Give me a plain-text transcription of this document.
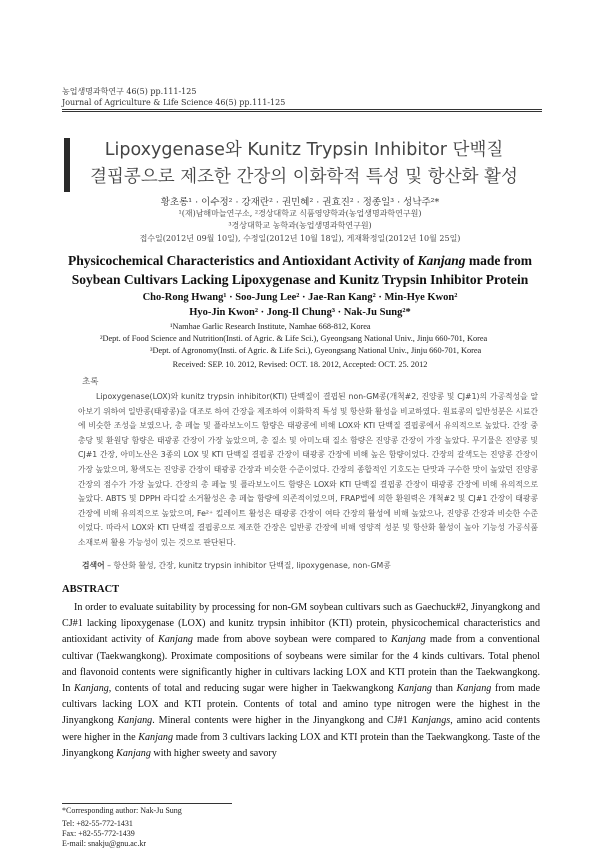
농업생명과학연구 46(5) pp.111-125
Journal of Agriculture & Life Science 46(5) pp.111-125
Lipoxygenase와 Kunitz Trypsin Inhibitor 단백질
결핍콩으로 제조한 간장의 이화학적 특성 및 항산화 활성
황초롱¹ · 이수정² · 강재란² · 권민혜² · 권효진² · 정종일³ · 성낙주²*
¹(재)남해마늘연구소, ²경상대학교 식품영양학과(농업생명과학연구원)
³경상대학교 농학과(농업생명과학연구원)
접수일(2012년 09월 10일), 수정일(2012년 10월 18일), 게재확정일(2012년 10월 25일)
Physicochemical Characteristics and Antioxidant Activity of Kanjang made from
Soybean Cultivars Lacking Lipoxygenase and Kunitz Trypsin Inhibitor Protein
Cho-Rong Hwang¹ · Soo-Jung Lee² · Jae-Ran Kang² · Min-Hye Kwon²
Hyo-Jin Kwon² · Jong-Il Chung³ · Nak-Ju Sung²*
¹Namhae Garlic Research Institute, Namhae 668-812, Korea
²Dept. of Food Science and Nutrition(Insti. of Agric. & Life Sci.), Gyeongsang National Univ., Jinju 660-701, Korea
³Dept. of Agronomy(Insti. of Agric. & Life Sci.), Gyeongsang National Univ., Jinju 660-701, Korea
Received: SEP. 10. 2012, Revised: OCT. 18. 2012, Accepted: OCT. 25. 2012
초록
Lipoxygenase(LOX)와 kunitz trypsin inhibitor(KTI) 단백질이 결핍된 non-GM콩(개척#2, 진양콩 및 CJ#1)의 가공적성을 알아보기 위하여 일반콩(태광콩)을 대조로 하여 간장을 제조하여 이화학적 특성 및 항산화 활성을 비교하였다. 원료콩의 일반성분은 시료간에 비슷한 조성을 보였으나, 총 페놀 및 플라보노이드 함량은 태광콩에 비해 LOX와 KTI 단백질 결핍콩에서 유의적으로 높았다. 간장 중 총당 및 환원당 함량은 태광콩 간장이 가장 높았으며, 총 질소 및 아미노태 질소 함량은 진양콩 간장이 가장 높았다. 무기물은 진양콩 및 CJ#1 간장, 아미노산은 3종의 LOX 및 KTI 단백질 결핍콩 간장이 태광콩 간장에 비해 높은 함량이었다. 간장의 갈색도는 진양콩 간장이 가장 높았으며, 황색도는 진양콩 간장이 태광콩 간장과 비슷한 수준이었다. 간장의 종합적인 기호도는 단맛과 구수한 맛이 높았던 진양콩 간장의 점수가 가장 높았다. 간장의 총 페놀 및 플라보노이드 함량은 LOX와 KTI 단백질 결핍콩 간장이 태광콩 간장에 비해 유의적으로 높았다. ABTS 및 DPPH 라디칼 소거활성은 총 페놀 함량에 의존적이었으며, FRAP법에 의한 환원력은 개척#2 및 CJ#1 간장이 태광콩 간장에 비해 유의적으로 높았으며, Fe²⁺ 킬레이트 활성은 태광콩 간장이 여타 간장의 활성에 비해 높았으나, 진양콩 간장과 비슷한 수준이었다. 따라서 LOX와 KTI 단백질 결핍콩으로 제조한 간장은 일반콩 간장에 비해 영양적 성분 및 항산화 활성이 높아 기능성 가공식품 소재로써 활용 가능성이 있는 것으로 판단된다.
검색어 – 항산화 활성, 간장, kunitz trypsin inhibitor 단백질, lipoxygenase, non-GM콩
ABSTRACT
In order to evaluate suitability by processing for non-GM soybean cultivars such as Gaechuck#2, Jinyangkong and CJ#1 lacking lipoxygenase (LOX) and kunitz trypsin inhibitor (KTI) protein, physicochemical characteristics and antioxidant activity of Kanjang made from above soybean were compared to Kanjang made from a conventional cultivar (Taekwangkong). Proximate compositions of soybeans were similar for the 4 kinds cultivars. Total phenol and flavonoid contents were significantly higher in cultivars lacking LOX and KTI protein than the Taekwangkong. In Kanjang, contents of total and reducing sugar were higher in Taekwangkong Kanjang than Kanjang from made cultivars lacking LOX and KTI protein. Contents of total and amino type nitrogen were the highest in the Jinyangkong Kanjang. Mineral contents were higher in the Jinyangkong and CJ#1 Kanjangs, amino acid contents were higher in the Kanjang made from 3 cultivars lacking LOX and KTI protein than the Taekwangkong. Taste of the Jinyangkong Kanjang with higher sweety and savory
*Corresponding author: Nak-Ju Sung
Tel: +82-55-772-1431
Fax: +82-55-772-1439
E-mail: snakju@gnu.ac.kr
